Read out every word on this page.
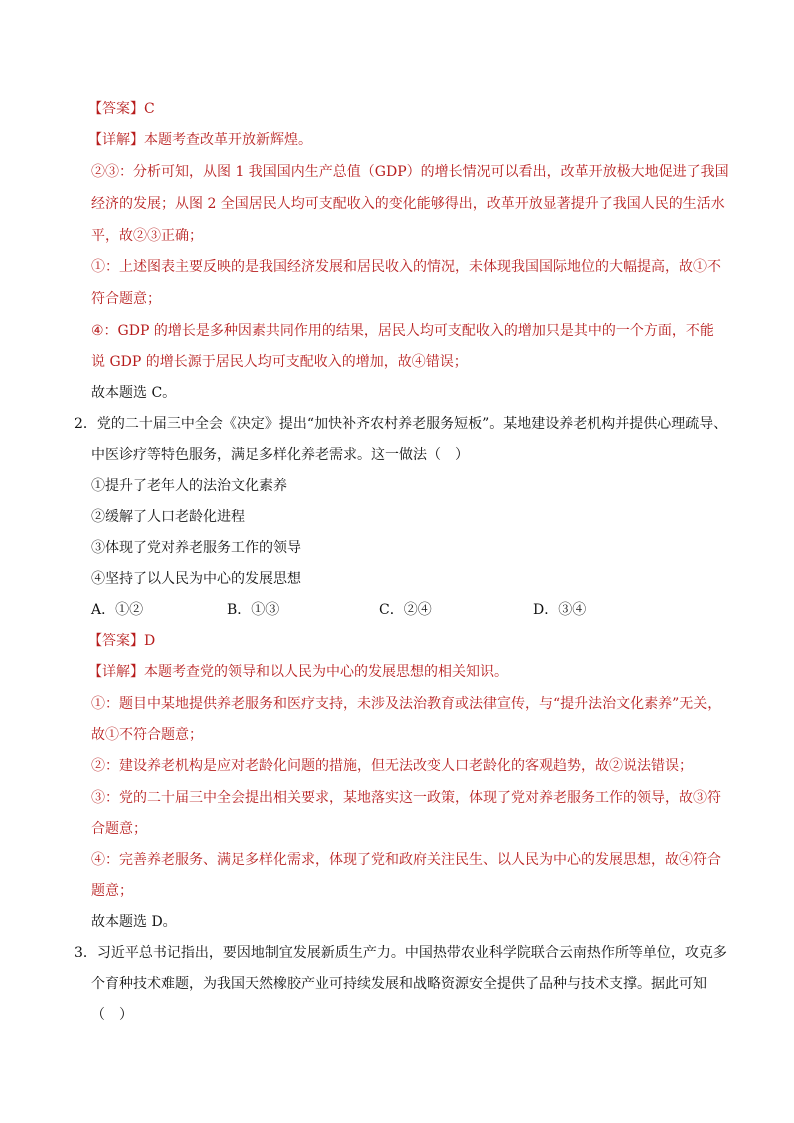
【答案】C
【详解】本题考查改革开放新辉煌。
②③：分析可知，从图 1 我国国内生产总值（GDP）的增长情况可以看出，改革开放极大地促进了我国
经济的发展；从图 2 全国居民人均可支配收入的变化能够得出，改革开放显著提升了我国人民的生活水
平，故②③正确；
①：上述图表主要反映的是我国经济发展和居民收入的情况，未体现我国国际地位的大幅提高，故①不
符合题意；
④：GDP 的增长是多种因素共同作用的结果，居民人均可支配收入的增加只是其中的一个方面，不能
说 GDP 的增长源于居民人均可支配收入的增加，故④错误；
故本题选 C。
2．党的二十届三中全会《决定》提出“加快补齐农村养老服务短板”。某地建设养老机构并提供心理疏导、
中医诊疗等特色服务，满足多样化养老需求。这一做法（　）
①提升了老年人的法治文化素养
②缓解了人口老龄化进程
③体现了党对养老服务工作的领导
④坚持了以人民为中心的发展思想
A．①②	B．①③	C．②④	D．③④
【答案】D
【详解】本题考查党的领导和以人民为中心的发展思想的相关知识。
①：题目中某地提供养老服务和医疗支持，未涉及法治教育或法律宣传，与“提升法治文化素养”无关，
故①不符合题意；
②：建设养老机构是应对老龄化问题的措施，但无法改变人口老龄化的客观趋势，故②说法错误；
③：党的二十届三中全会提出相关要求，某地落实这一政策，体现了党对养老服务工作的领导，故③符
合题意；
④：完善养老服务、满足多样化需求，体现了党和政府关注民生、以人民为中心的发展思想，故④符合
题意；
故本题选 D。
3．习近平总书记指出，要因地制宜发展新质生产力。中国热带农业科学院联合云南热作所等单位，攻克多
个育种技术难题，为我国天然橡胶产业可持续发展和战略资源安全提供了品种与技术支撑。据此可知
（　）
